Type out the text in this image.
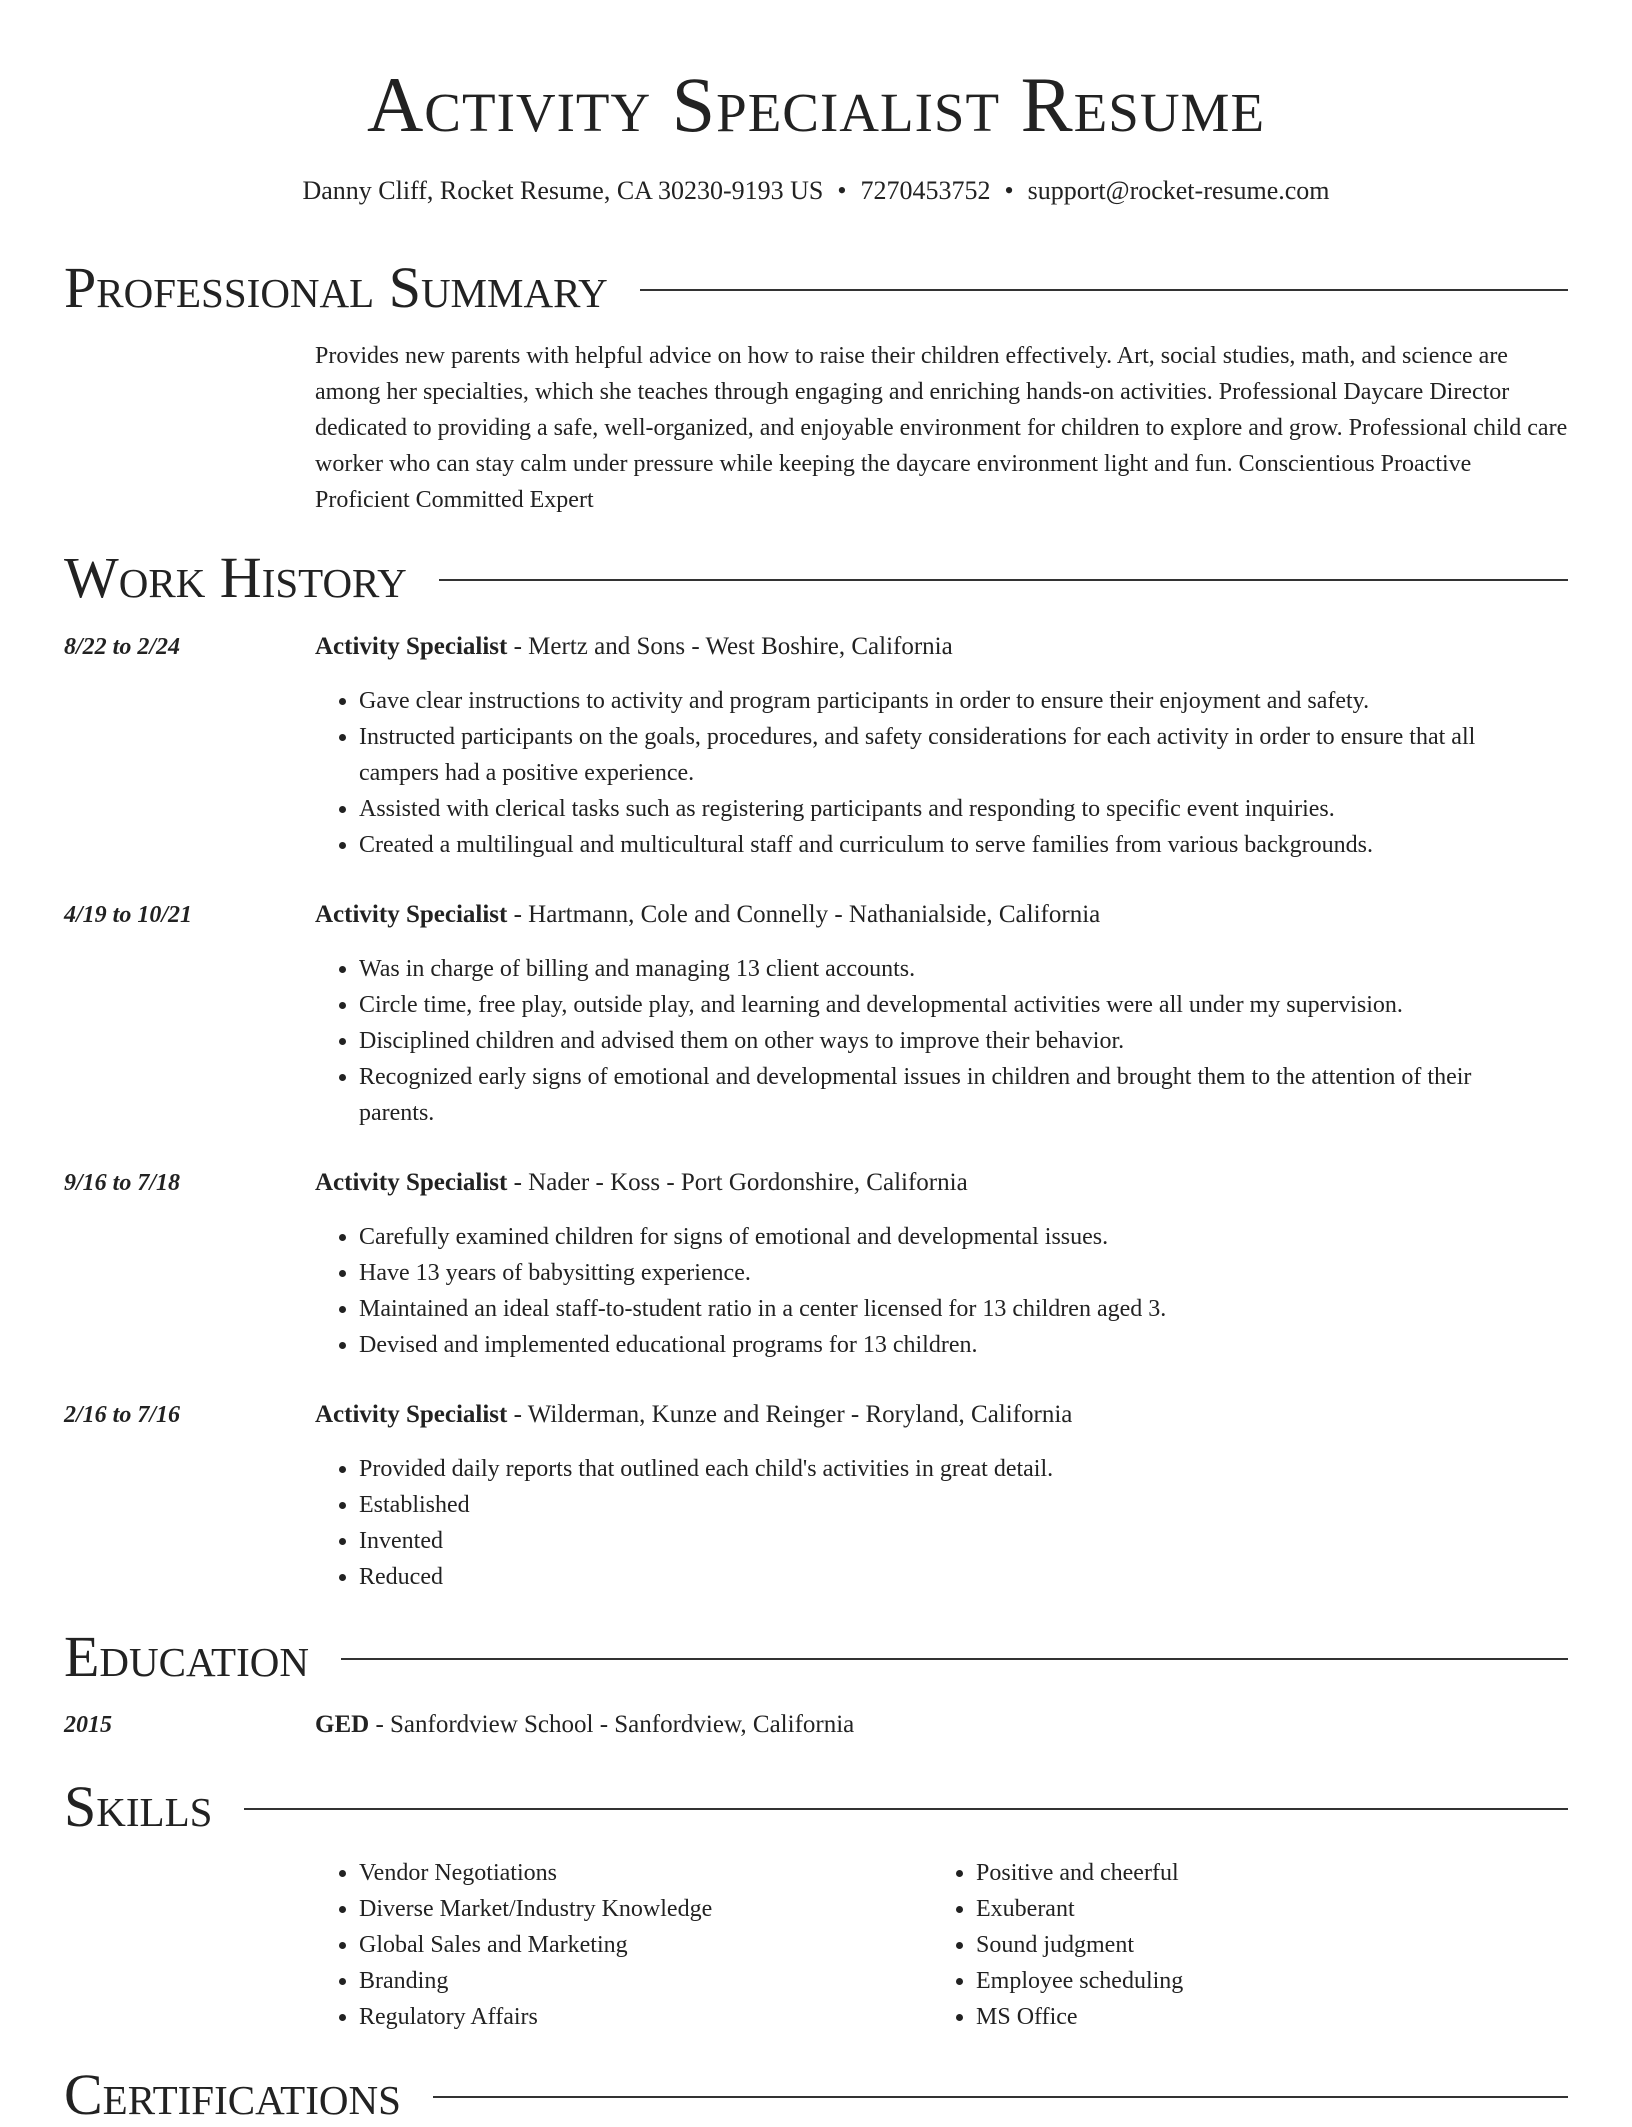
Activity Specialist Resume
Danny Cliff, Rocket Resume, CA 30230-9193 US • 7270453752 • support@rocket-resume.com
Professional Summary
Provides new parents with helpful advice on how to raise their children effectively. Art, social studies, math, and science are among her specialties, which she teaches through engaging and enriching hands-on activities. Professional Daycare Director dedicated to providing a safe, well-organized, and enjoyable environment for children to explore and grow. Professional child care worker who can stay calm under pressure while keeping the daycare environment light and fun. Conscientious Proactive Proficient Committed Expert
Work History
8/22 to 2/24	Activity Specialist - Mertz and Sons - West Boshire, California
• Gave clear instructions to activity and program participants in order to ensure their enjoyment and safety.
• Instructed participants on the goals, procedures, and safety considerations for each activity in order to ensure that all campers had a positive experience.
• Assisted with clerical tasks such as registering participants and responding to specific event inquiries.
• Created a multilingual and multicultural staff and curriculum to serve families from various backgrounds.
4/19 to 10/21	Activity Specialist - Hartmann, Cole and Connelly - Nathanialside, California
• Was in charge of billing and managing 13 client accounts.
• Circle time, free play, outside play, and learning and developmental activities were all under my supervision.
• Disciplined children and advised them on other ways to improve their behavior.
• Recognized early signs of emotional and developmental issues in children and brought them to the attention of their parents.
9/16 to 7/18	Activity Specialist - Nader - Koss - Port Gordonshire, California
• Carefully examined children for signs of emotional and developmental issues.
• Have 13 years of babysitting experience.
• Maintained an ideal staff-to-student ratio in a center licensed for 13 children aged 3.
• Devised and implemented educational programs for 13 children.
2/16 to 7/16	Activity Specialist - Wilderman, Kunze and Reinger - Roryland, California
• Provided daily reports that outlined each child's activities in great detail.
• Established
• Invented
• Reduced
Education
2015	GED - Sanfordview School - Sanfordview, California
Skills
• Vendor Negotiations
• Diverse Market/Industry Knowledge
• Global Sales and Marketing
• Branding
• Regulatory Affairs
• Positive and cheerful
• Exuberant
• Sound judgment
• Employee scheduling
• MS Office
Certifications
